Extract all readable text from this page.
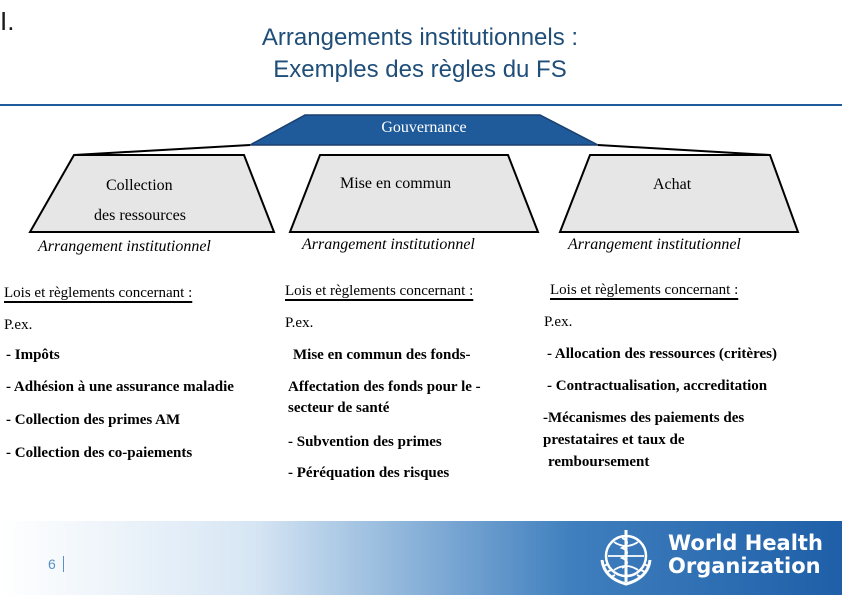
I.
Arrangements institutionnels :
Exemples des règles du FS
Gouvernance
Collection
des ressources
Mise en commun	Achat
Arrangement institutionnel	Arrangement institutionnel	Arrangement institutionnel
Lois et règlements concernant :
P.ex.
- Impôts
- Adhésion à une assurance maladie
- Collection des primes AM
- Collection des co-paiements
Lois et règlements concernant :
P.ex.
Mise en commun des fonds-
Affectation des fonds pour le -
secteur de santé
- Subvention des primes
- Péréquation des risques
Lois et règlements concernant :
P.ex.
- Allocation des ressources (critères)
- Contractualisation, accreditation
-Mécanismes des paiements des
prestataires et taux de
remboursement
6
World Health
Organization
